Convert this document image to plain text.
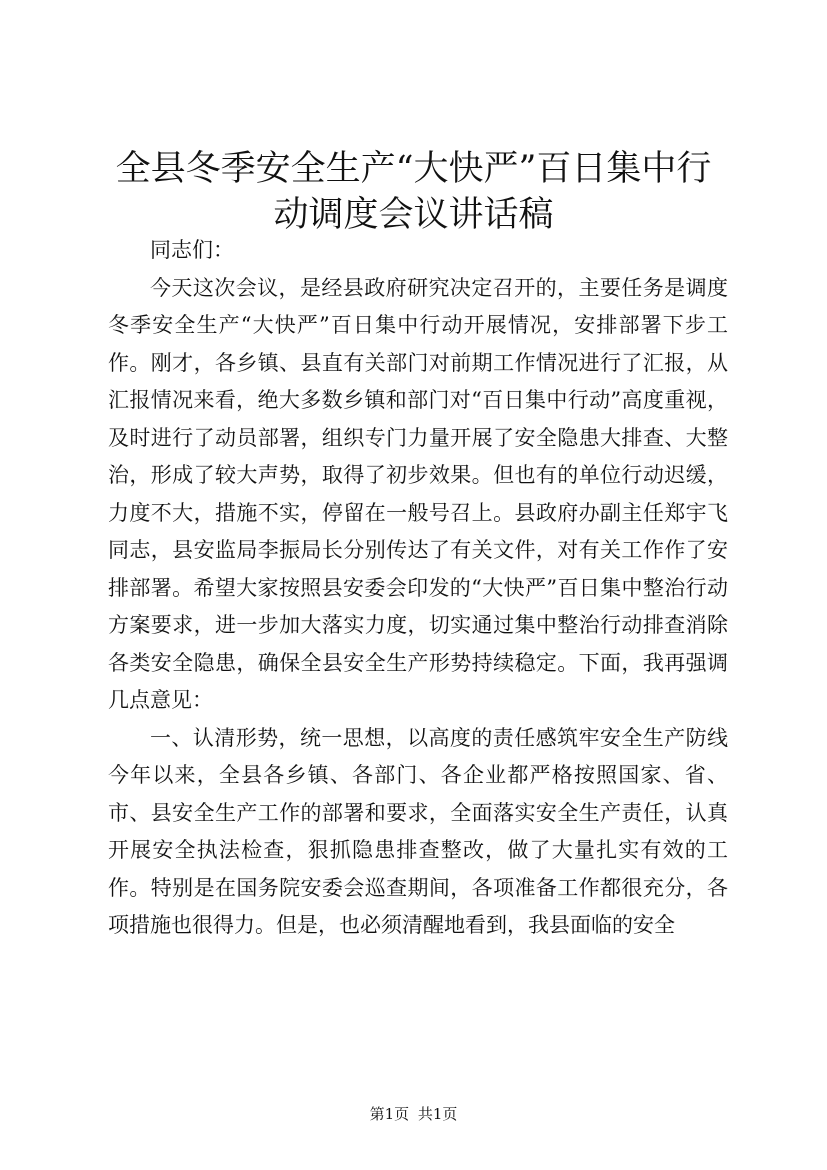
全县冬季安全生产“大快严”百日集中行动调度会议讲话稿

同志们：

今天这次会议，是经县政府研究决定召开的，主要任务是调度冬季安全生产“大快严”百日集中行动开展情况，安排部署下步工作。刚才，各乡镇、县直有关部门对前期工作情况进行了汇报，从汇报情况来看，绝大多数乡镇和部门对“百日集中行动”高度重视，及时进行了动员部署，组织专门力量开展了安全隐患大排查、大整治，形成了较大声势，取得了初步效果。但也有的单位行动迟缓，力度不大，措施不实，停留在一般号召上。县政府办副主任郑宇飞同志，县安监局李振局长分别传达了有关文件，对有关工作作了安排部署。希望大家按照县安委会印发的“大快严”百日集中整治行动方案要求，进一步加大落实力度，切实通过集中整治行动排查消除各类安全隐患，确保全县安全生产形势持续稳定。下面，我再强调几点意见：

一、认清形势，统一思想，以高度的责任感筑牢安全生产防线今年以来，全县各乡镇、各部门、各企业都严格按照国家、省、市、县安全生产工作的部署和要求，全面落实安全生产责任，认真开展安全执法检查，狠抓隐患排查整改，做了大量扎实有效的工作。特别是在国务院安委会巡查期间，各项准备工作都很充分，各项措施也很得力。但是，也必须清醒地看到，我县面临的安全

第1页 共1页
